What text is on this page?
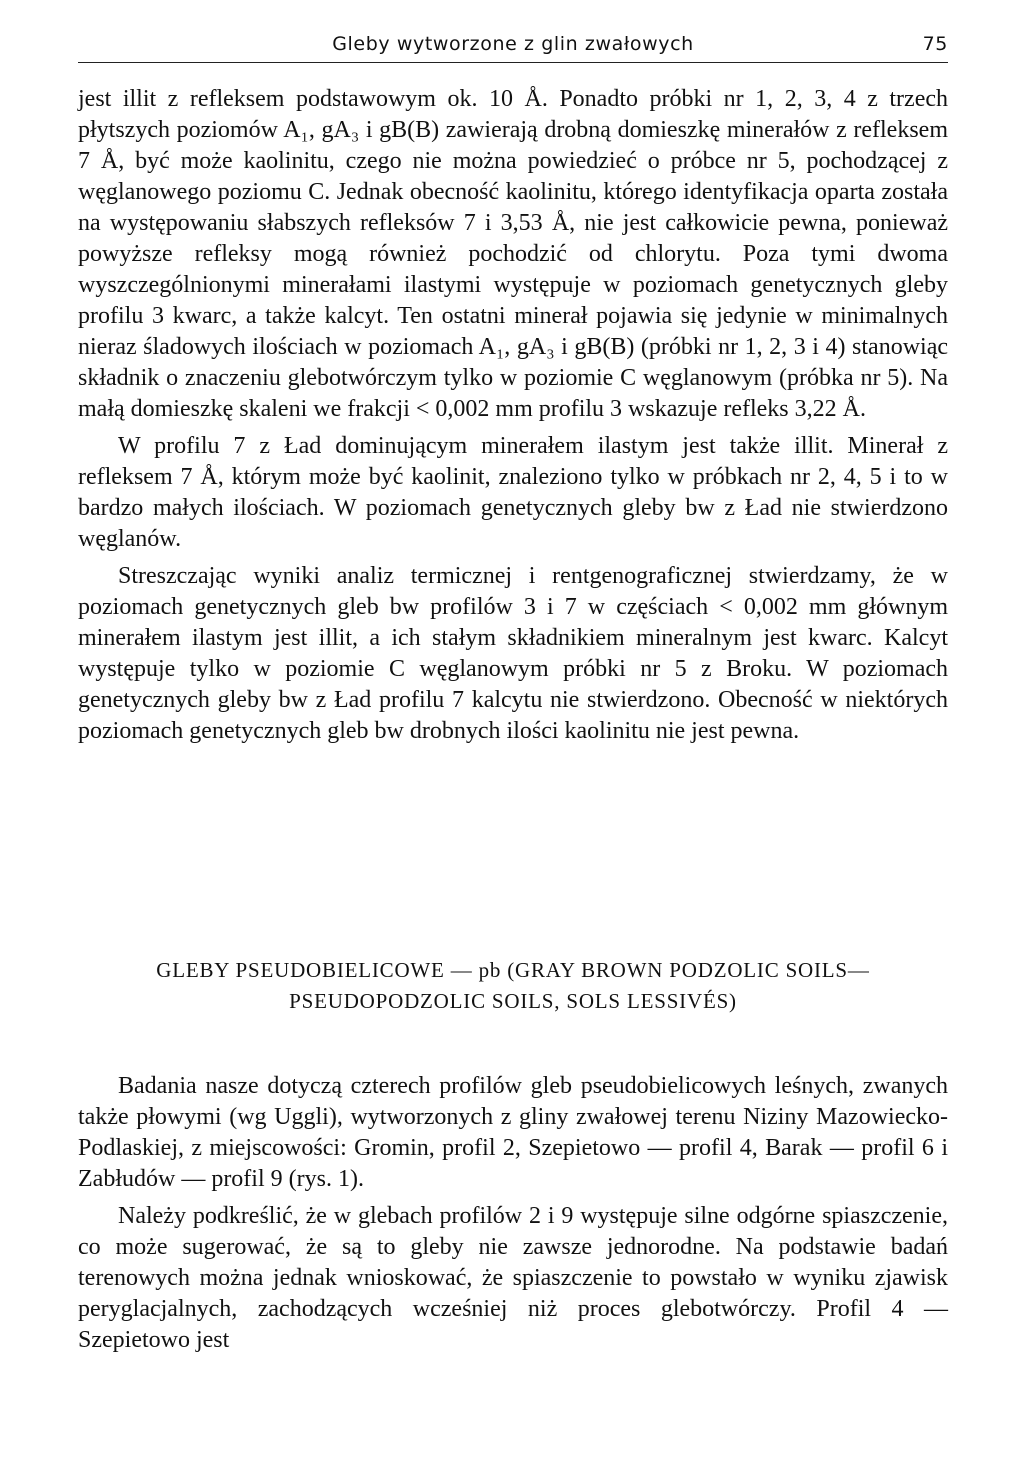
Gleby wytworzone z glin zwałowych	75

jest illit z refleksem podstawowym ok. 10 Å. Ponadto próbki nr 1, 2, 3, 4 z trzech płytszych poziomów A₁, gA₃ i gB(B) zawierają drobną domieszkę minerałów z refleksem 7 Å, być może kaolinitu, czego nie można powiedzieć o próbce nr 5, pochodzącej z węglanowego poziomu C. Jednak obecność kaolinitu, którego identyfikacja oparta została na występowaniu słabszych refleksów 7 i 3,53 Å, nie jest całkowicie pewna, ponieważ powyższe refleksy mogą również pochodzić od chlorytu. Poza tymi dwoma wyszczególnionymi minerałami ilastymi występuje w poziomach genetycznych gleby profilu 3 kwarc, a także kalcyt. Ten ostatni minerał pojawia się jedynie w minimalnych nieraz śladowych ilościach w poziomach A₁, gA₃ i gB(B) (próbki nr 1, 2, 3 i 4) stanowiąc składnik o znaczeniu glebotwórczym tylko w poziomie C węglanowym (próbka nr 5). Na małą domieszkę skaleni we frakcji < 0,002 mm profilu 3 wskazuje refleks 3,22 Å.

W profilu 7 z Ład dominującym minerałem ilastym jest także illit. Minerał z refleksem 7 Å, którym może być kaolinit, znaleziono tylko w próbkach nr 2, 4, 5 i to w bardzo małych ilościach. W poziomach genetycznych gleby bw z Ład nie stwierdzono węglanów.

Streszczając wyniki analiz termicznej i rentgenograficznej stwierdzamy, że w poziomach genetycznych gleb bw profilów 3 i 7 w częściach < 0,002 mm głównym minerałem ilastym jest illit, a ich stałym składnikiem mineralnym jest kwarc. Kalcyt występuje tylko w poziomie C węglanowym próbki nr 5 z Broku. W poziomach genetycznych gleby bw z Ład profilu 7 kalcytu nie stwierdzono. Obecność w niektórych poziomach genetycznych gleb bw drobnych ilości kaolinitu nie jest pewna.

GLEBY PSEUDOBIELICOWE — pb (GRAY BROWN PODZOLIC SOILS—
PSEUDOPODZOLIC SOILS, SOLS LESSIVÉS)

Badania nasze dotyczą czterech profilów gleb pseudobielicowych leśnych, zwanych także płowymi (wg Uggli), wytworzonych z gliny zwałowej terenu Niziny Mazowiecko-Podlaskiej, z miejscowości: Gromin, profil 2, Szepietowo — profil 4, Barak — profil 6 i Zabłudów — profil 9 (rys. 1).

Należy podkreślić, że w glebach profilów 2 i 9 występuje silne odgórne spiaszczenie, co może sugerować, że są to gleby nie zawsze jednorodne. Na podstawie badań terenowych można jednak wnioskować, że spiaszczenie to powstało w wyniku zjawisk peryglacjalnych, zachodzących wcześniej niż proces glebotwórczy. Profil 4 — Szepietowo jest
